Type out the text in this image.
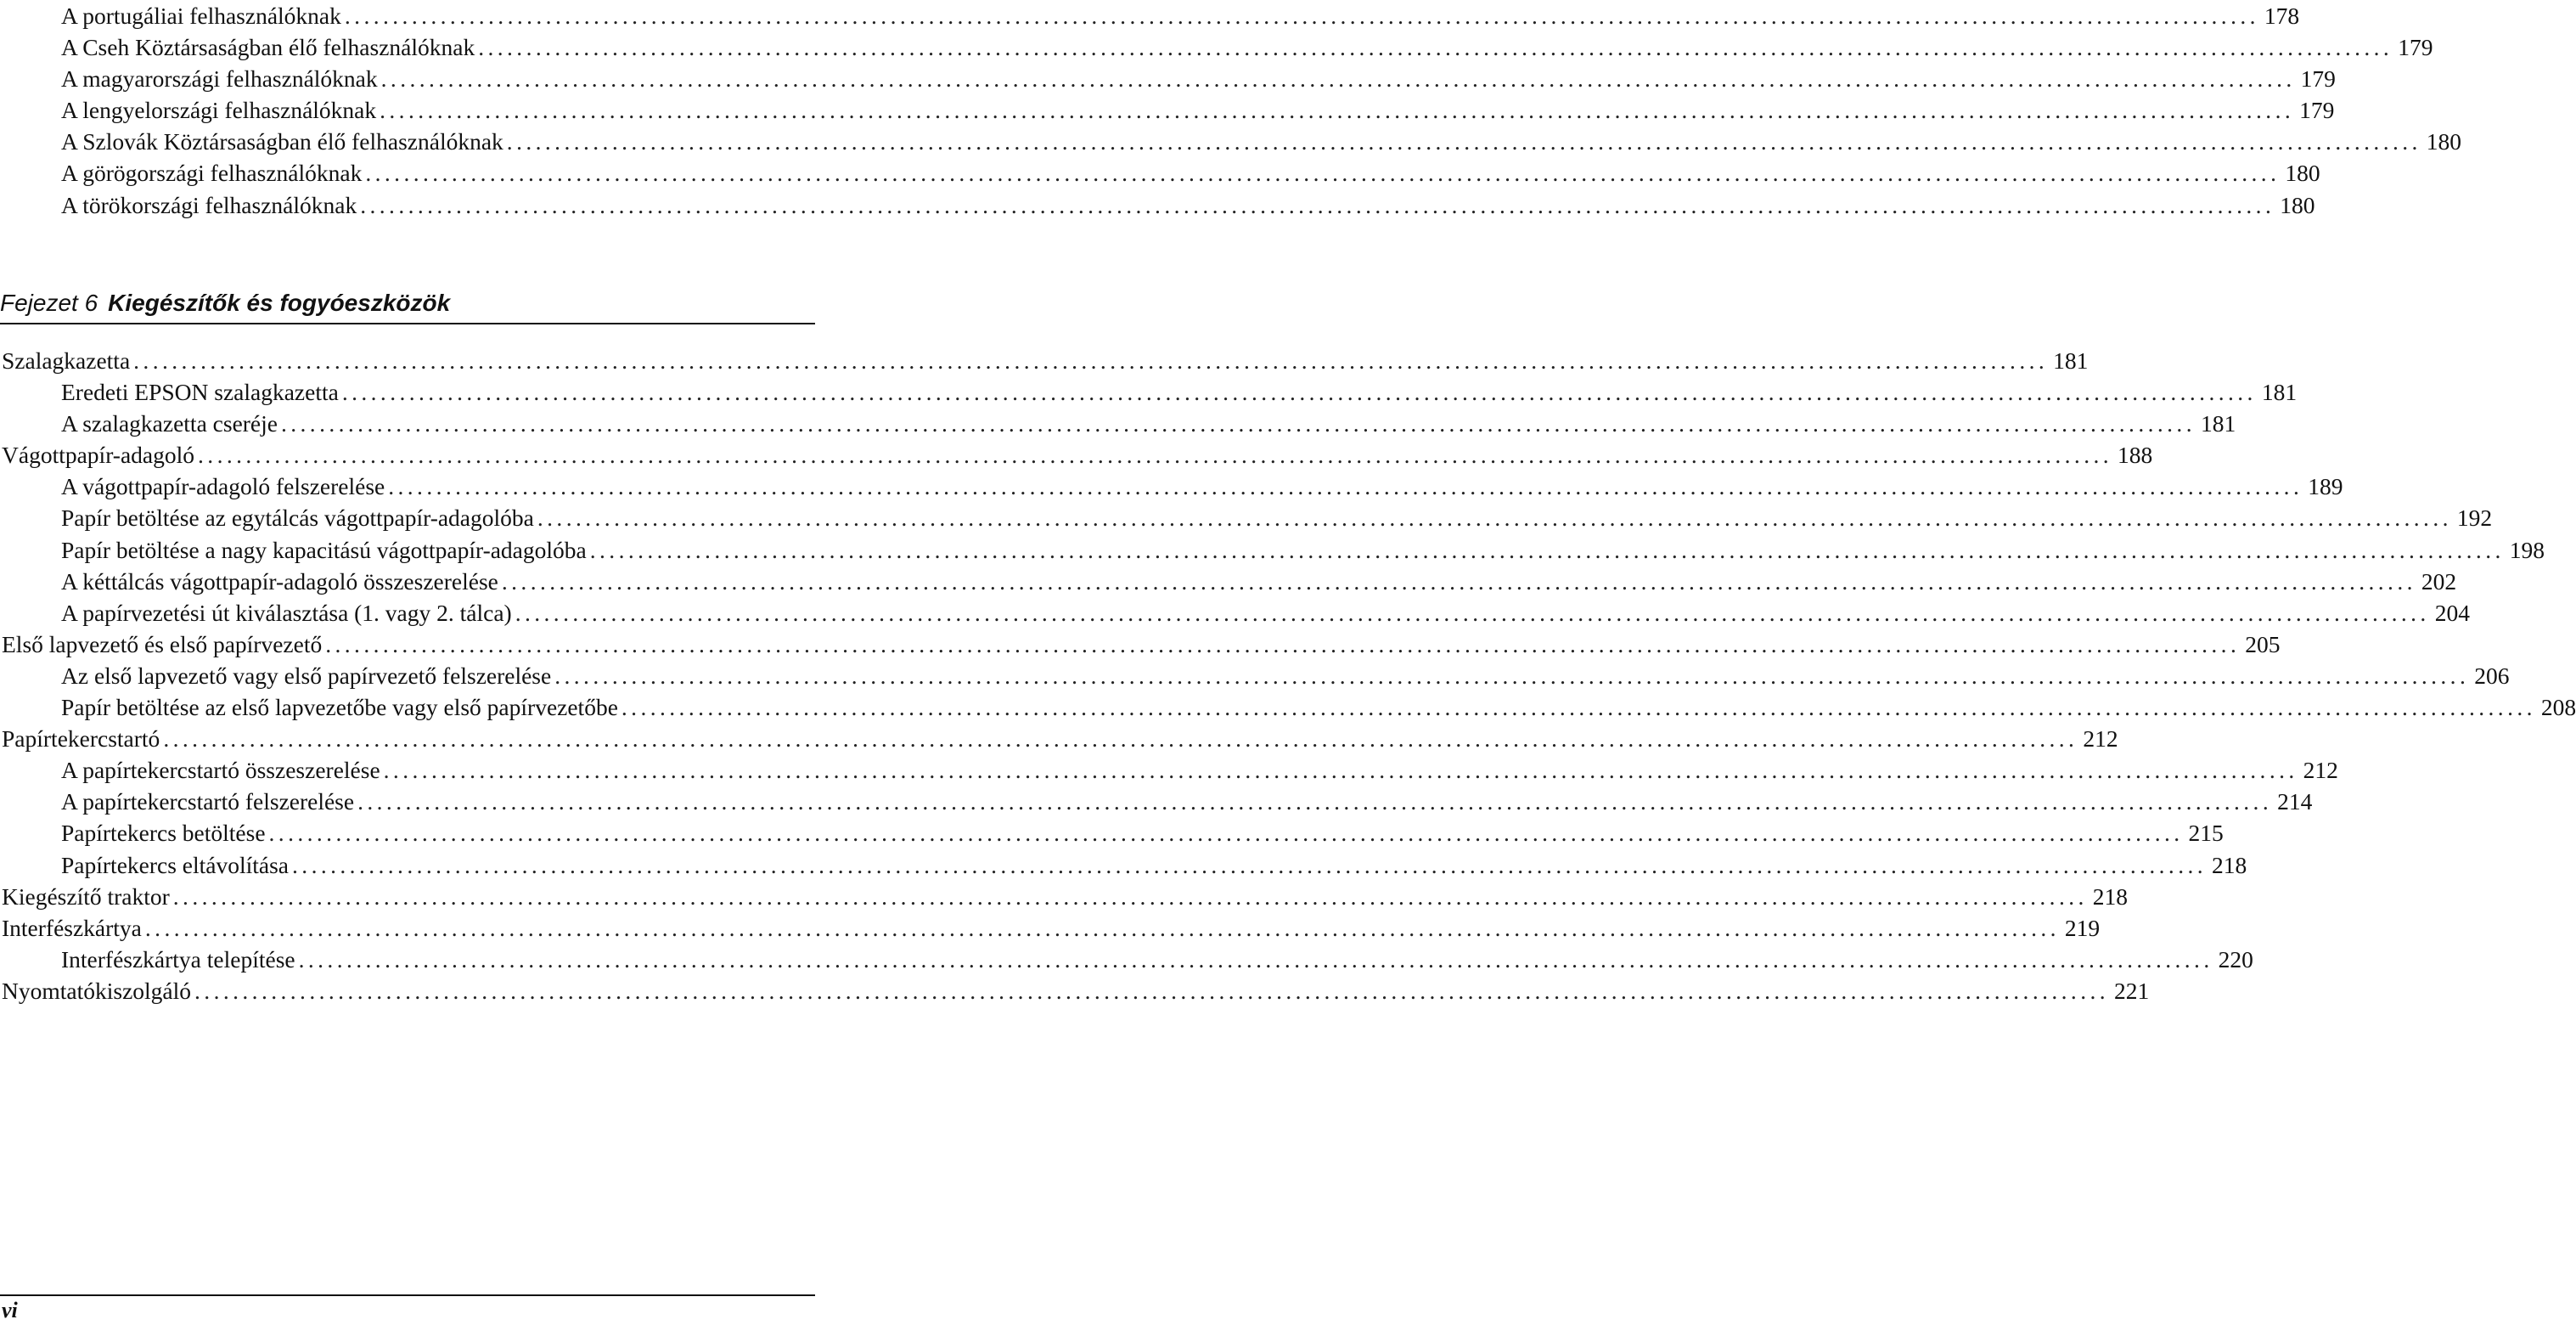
A portugáliai felhasználóknak ........................................................................................................................................................................................................ 178
A Cseh Köztársaságban élő felhasználóknak ........................................................................................................................................................................................................ 179
A magyarországi felhasználóknak ........................................................................................................................................................................................................ 179
A lengyelországi felhasználóknak ........................................................................................................................................................................................................ 179
A Szlovák Köztársaságban élő felhasználóknak ........................................................................................................................................................................................................ 180
A görögországi felhasználóknak ........................................................................................................................................................................................................ 180
A törökországi felhasználóknak ........................................................................................................................................................................................................ 180
Fejezet 6 Kiegészítők és fogyóeszközök
Szalagkazetta ........................................................................................................................................................................................................ 181
Eredeti EPSON szalagkazetta ........................................................................................................................................................................................................ 181
A szalagkazetta cseréje ........................................................................................................................................................................................................ 181
Vágottpapír-adagoló ........................................................................................................................................................................................................ 188
A vágottpapír-adagoló felszerelése ........................................................................................................................................................................................................ 189
Papír betöltése az egytálcás vágottpapír-adagolóba ........................................................................................................................................................................................................ 192
Papír betöltése a nagy kapacitású vágottpapír-adagolóba ........................................................................................................................................................................................................ 198
A kéttálcás vágottpapír-adagoló összeszerelése ........................................................................................................................................................................................................ 202
A papírvezetési út kiválasztása (1. vagy 2. tálca) ........................................................................................................................................................................................................ 204
Első lapvezető és első papírvezető ........................................................................................................................................................................................................ 205
Az első lapvezető vagy első papírvezető felszerelése ........................................................................................................................................................................................................ 206
Papír betöltése az első lapvezetőbe vagy első papírvezetőbe ........................................................................................................................................................................................................ 208
Papírtekercstartó ........................................................................................................................................................................................................ 212
A papírtekercstartó összeszerelése ........................................................................................................................................................................................................ 212
A papírtekercstartó felszerelése ........................................................................................................................................................................................................ 214
Papírtekercs betöltése ........................................................................................................................................................................................................ 215
Papírtekercs eltávolítása ........................................................................................................................................................................................................ 218
Kiegészítő traktor ........................................................................................................................................................................................................ 218
Interfészkártya ........................................................................................................................................................................................................ 219
Interfészkártya telepítése ........................................................................................................................................................................................................ 220
Nyomtatókiszolgáló ........................................................................................................................................................................................................ 221
vi
